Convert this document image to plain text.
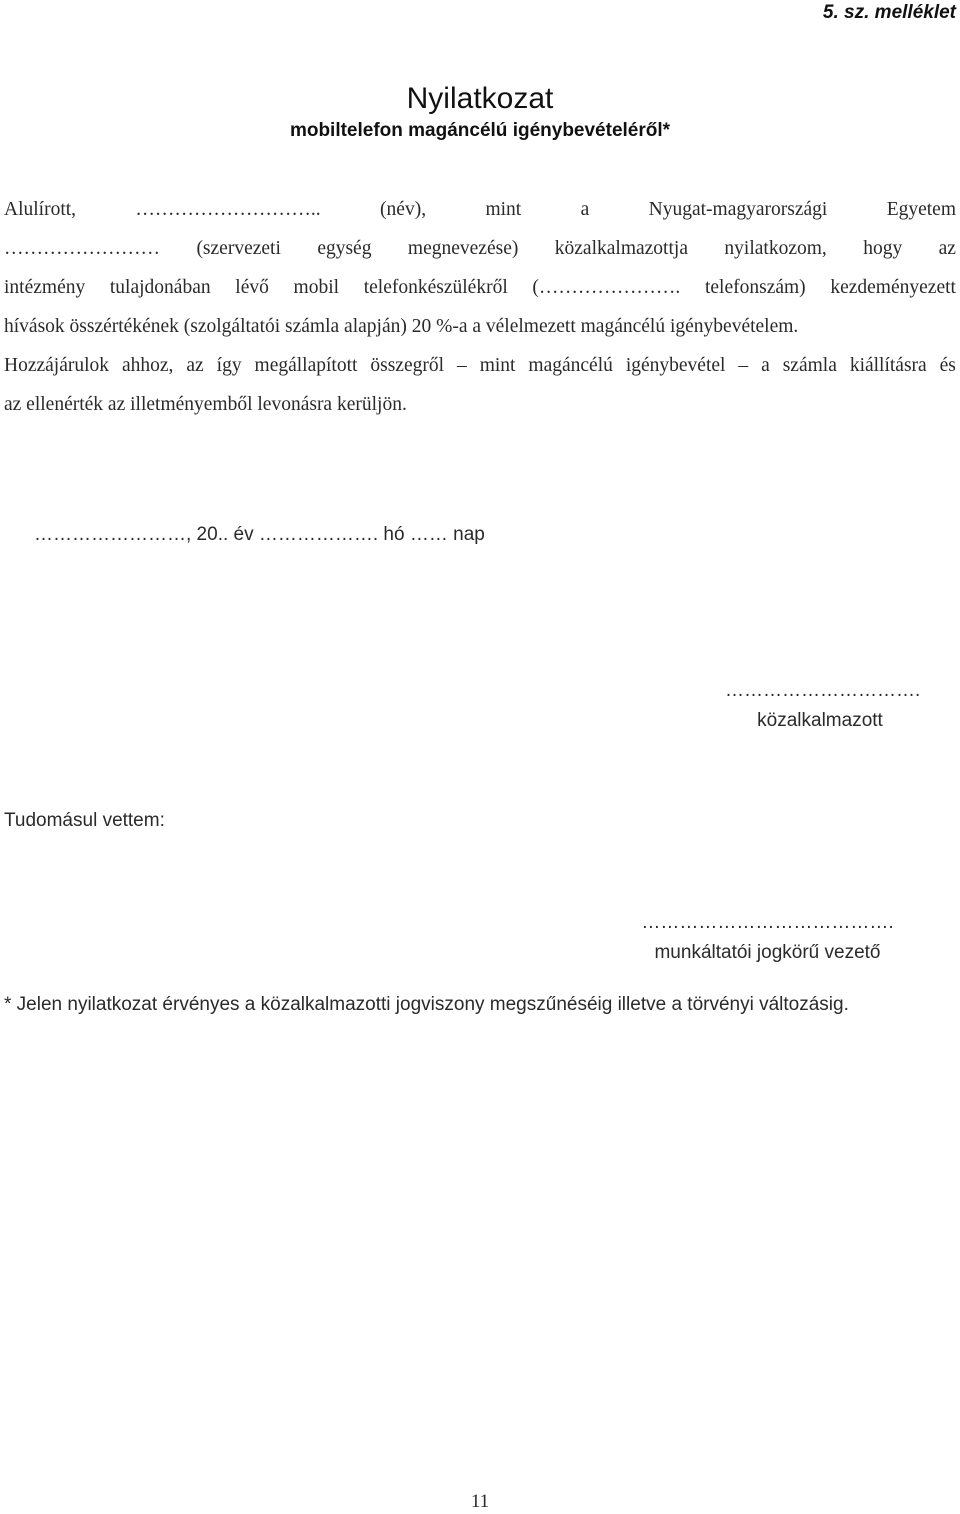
5. sz. melléklet
Nyilatkozat
mobiltelefon magáncélú igénybevételéről*
Alulírott,	………………………..	(név),	mint	a	Nyugat-magyarországi	Egyetem
…………………… (szervezeti egység megnevezése) közalkalmazottja nyilatkozom, hogy az
intézmény tulajdonában lévő mobil telefonkészülékről (…………………. telefonszám) kezdeményezett
hívások összértékének (szolgáltatói számla alapján) 20 %-a a vélelmezett magáncélú igénybevételem.
Hozzájárulok ahhoz, az így megállapított összegről – mint magáncélú igénybevétel – a számla kiállításra és
az ellenérték az illetményemből levonásra kerüljön.
……………………, 20.. év ………………. hó …… nap
………………………….
közalkalmazott
Tudomásul vettem:
………………………………….
munkáltatói jogkörű vezető
* Jelen nyilatkozat érvényes a közalkalmazotti jogviszony megszűnéséig illetve a törvényi változásig.
11
